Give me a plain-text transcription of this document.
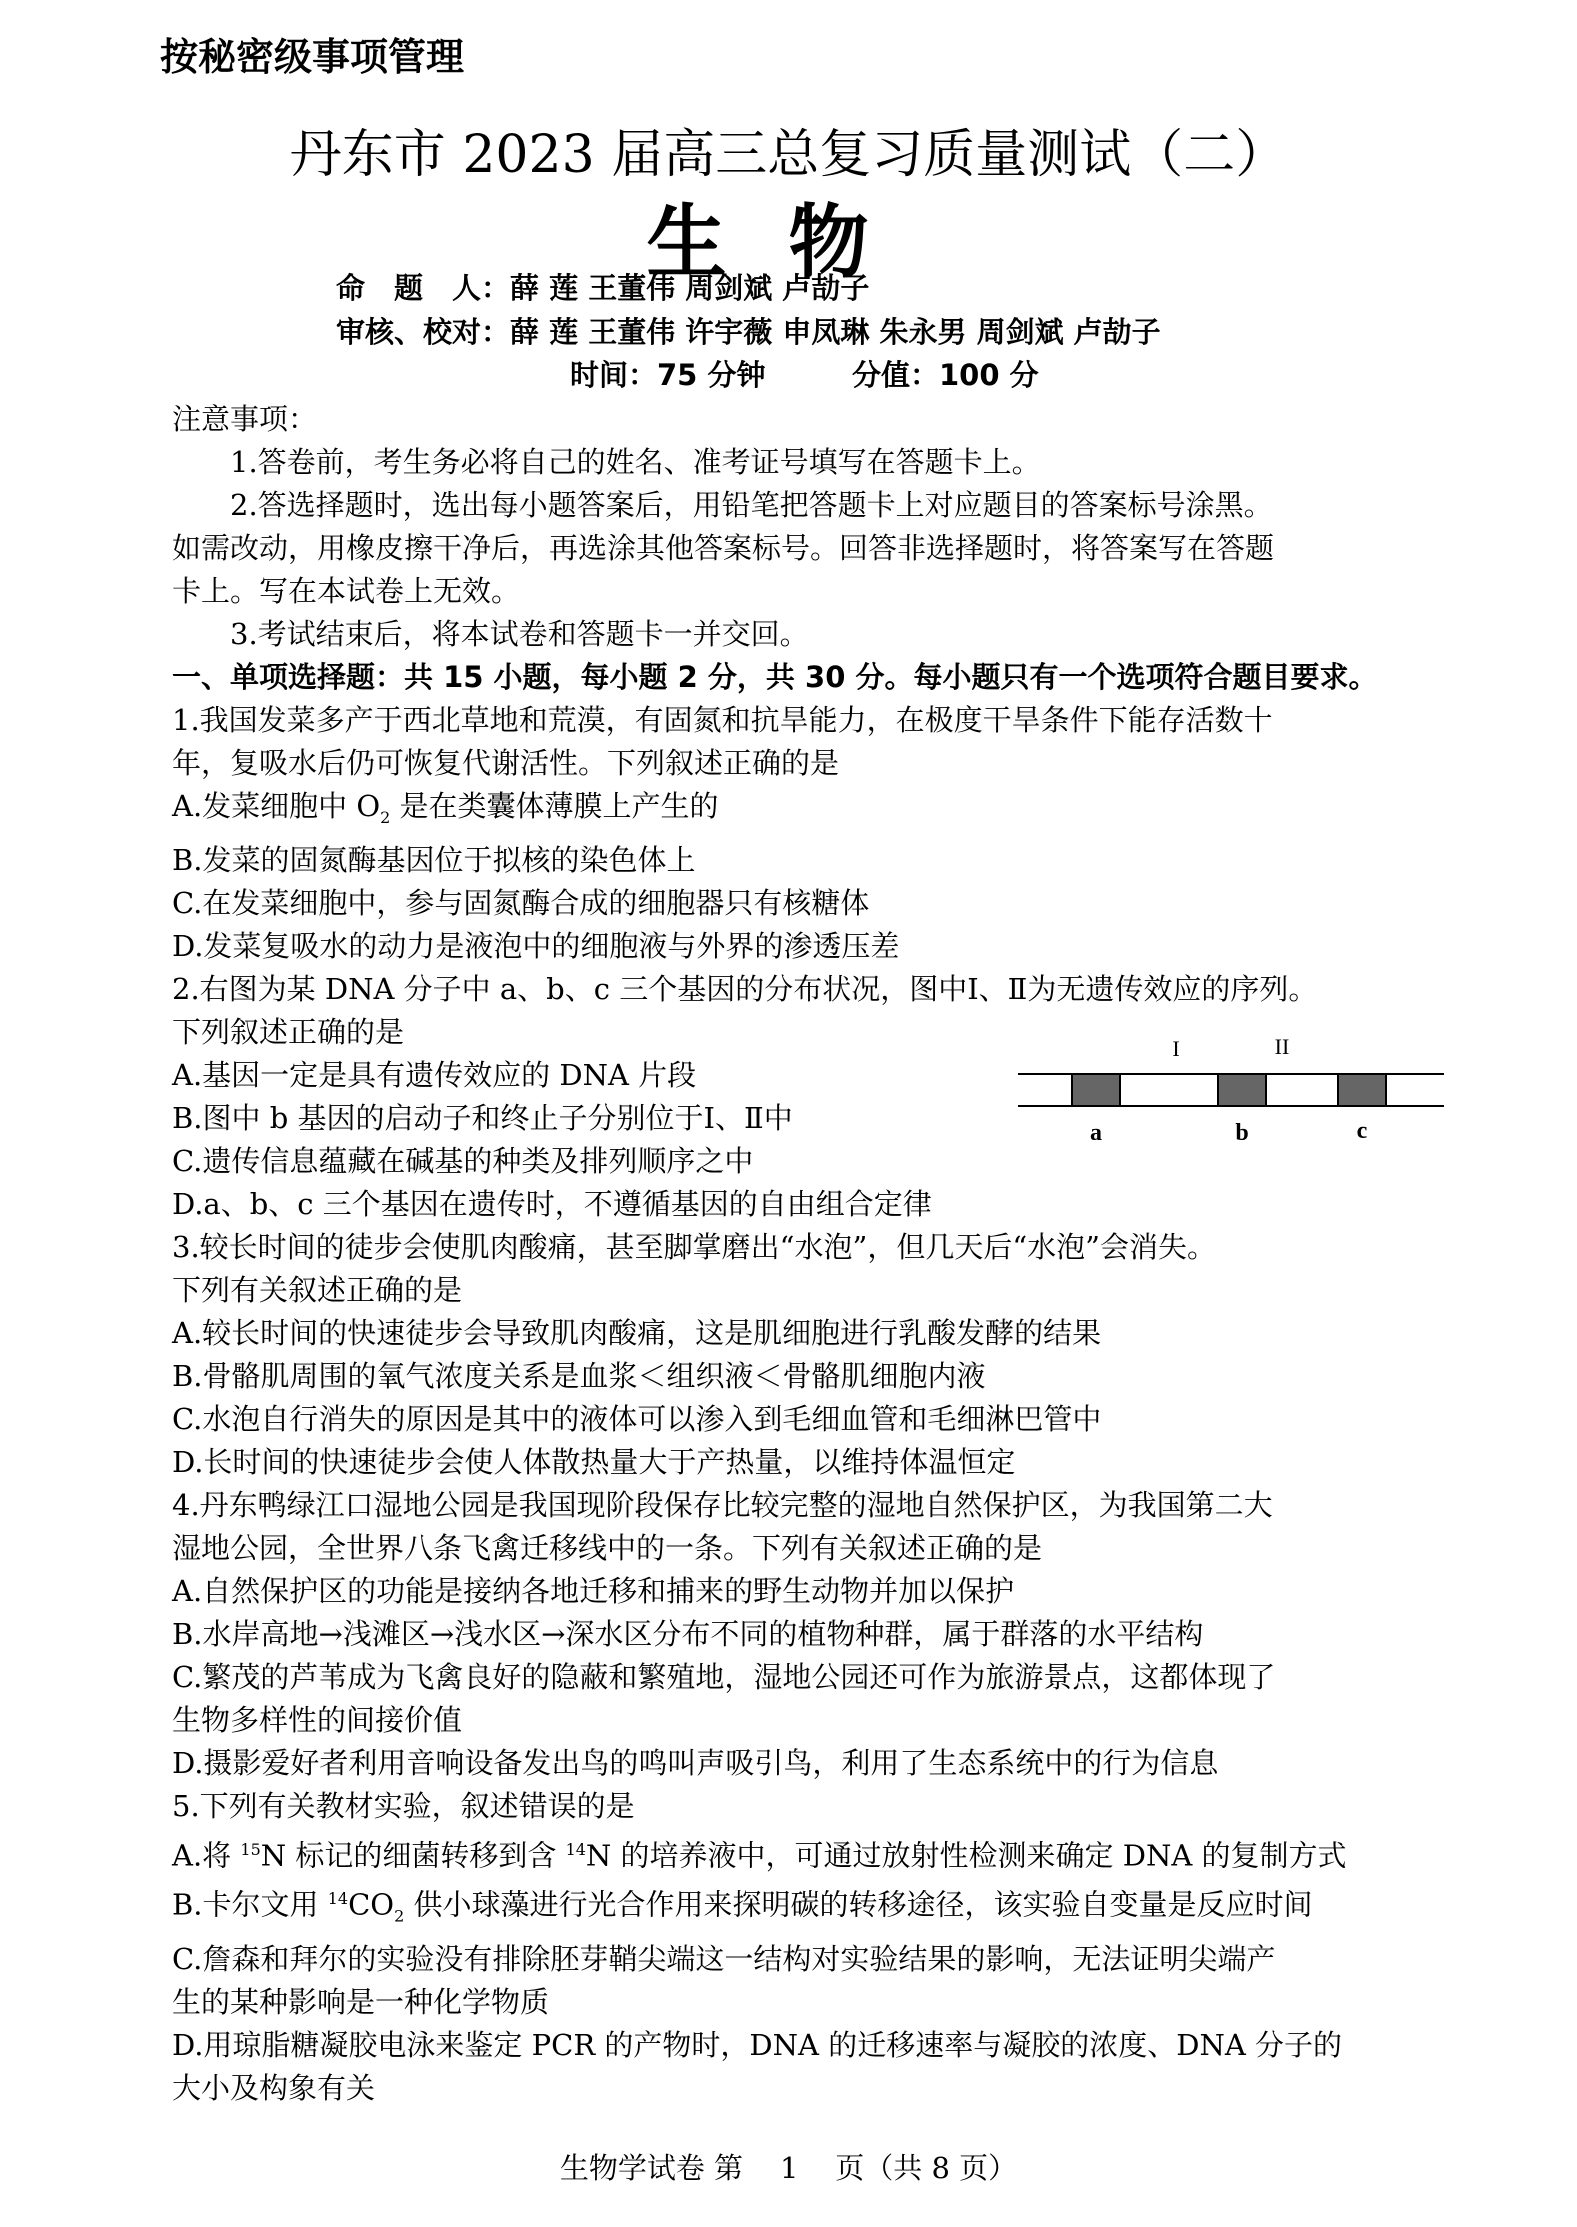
按秘密级事项管理
丹东市 2023 届高三总复习质量测试（二）
生物
命　题　人：薛 莲 王董伟 周剑斌 卢劼子
审核、校对：薛 莲 王董伟 许宇薇 申凤琳 朱永男 周剑斌 卢劼子
时间：75 分钟	分值：100 分
注意事项：
1.答卷前，考生务必将自己的姓名、准考证号填写在答题卡上。
2.答选择题时，选出每小题答案后，用铅笔把答题卡上对应题目的答案标号涂黑。
如需改动，用橡皮擦干净后，再选涂其他答案标号。回答非选择题时，将答案写在答题
卡上。写在本试卷上无效。
3.考试结束后，将本试卷和答题卡一并交回。
一、单项选择题：共 15 小题，每小题 2 分，共 30 分。每小题只有一个选项符合题目要求。
1.我国发菜多产于西北草地和荒漠，有固氮和抗旱能力，在极度干旱条件下能存活数十
年，复吸水后仍可恢复代谢活性。下列叙述正确的是
A.发菜细胞中 $O_2$ 是在类囊体薄膜上产生的
B.发菜的固氮酶基因位于拟核的染色体上
C.在发菜细胞中，参与固氮酶合成的细胞器只有核糖体
D.发菜复吸水的动力是液泡中的细胞液与外界的渗透压差
2.右图为某 DNA 分子中 a、b、c 三个基因的分布状况，图中Ⅰ、Ⅱ为无遗传效应的序列。
下列叙述正确的是
A.基因一定是具有遗传效应的 DNA 片段
B.图中 b 基因的启动子和终止子分别位于Ⅰ、Ⅱ中
C.遗传信息蕴藏在碱基的种类及排列顺序之中
D.a、b、c 三个基因在遗传时，不遵循基因的自由组合定律
3.较长时间的徒步会使肌肉酸痛，甚至脚掌磨出“水泡”，但几天后“水泡”会消失。
下列有关叙述正确的是
A.较长时间的快速徒步会导致肌肉酸痛，这是肌细胞进行乳酸发酵的结果
B.骨骼肌周围的氧气浓度关系是血浆＜组织液＜骨骼肌细胞内液
C.水泡自行消失的原因是其中的液体可以渗入到毛细血管和毛细淋巴管中
D.长时间的快速徒步会使人体散热量大于产热量，以维持体温恒定
4.丹东鸭绿江口湿地公园是我国现阶段保存比较完整的湿地自然保护区，为我国第二大
湿地公园，全世界八条飞禽迁移线中的一条。下列有关叙述正确的是
A.自然保护区的功能是接纳各地迁移和捕来的野生动物并加以保护
B.水岸高地→浅滩区→浅水区→深水区分布不同的植物种群，属于群落的水平结构
C.繁茂的芦苇成为飞禽良好的隐蔽和繁殖地，湿地公园还可作为旅游景点，这都体现了
生物多样性的间接价值
D.摄影爱好者利用音响设备发出鸟的鸣叫声吸引鸟，利用了生态系统中的行为信息
5.下列有关教材实验，叙述错误的是
A.将 $^{15}$N 标记的细菌转移到含 $^{14}$N 的培养液中，可通过放射性检测来确定 DNA 的复制方式
B.卡尔文用 $^{14}CO_2$ 供小球藻进行光合作用来探明碳的转移途径，该实验自变量是反应时间
C.詹森和拜尔的实验没有排除胚芽鞘尖端这一结构对实验结果的影响，无法证明尖端产
生的某种影响是一种化学物质
D.用琼脂糖凝胶电泳来鉴定 PCR 的产物时，DNA 的迁移速率与凝胶的浓度、DNA 分子的
大小及构象有关
I	II
a	b	c
生物学试卷 第 1 页（共 8 页）
